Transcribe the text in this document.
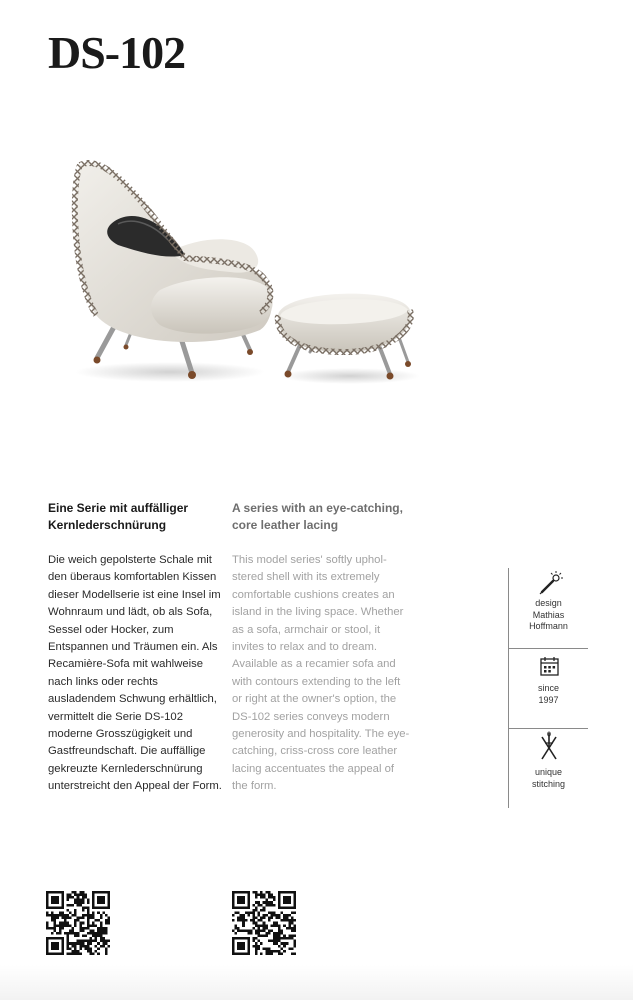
DS-102
Eine Serie mit auffälliger Kernlederschnürung

Die weich gepolsterte Schale mit den überaus komfortablen Kissen dieser Modellserie ist eine Insel im Wohnraum und lädt, ob als Sofa, Sessel oder Hocker, zum Entspannen und Träumen ein. Als Recamière-Sofa mit wahlweise nach links oder rechts ausladendem Schwung erhältlich, vermittelt die Serie DS-102 moderne Grosszügigkeit und Gastfreundschaft. Die auffällige gekreuzte Kernlederschnürung unterstreicht den Appeal der Form.

A series with an eye-catching, core leather lacing

This model series' softly upholstered shell with its extremely comfortable cushions creates an island in the living space. Whether as a sofa, armchair or stool, it invites to relax and to dream. Available as a recamier sofa and with contours extending to the left or right at the owner's option, the DS-102 series conveys modern generosity and hospitality. The eye-catching, criss-cross core leather lacing accentuates the appeal of the form.

design
Mathias
Hoffmann
since
1997
unique
stitching
